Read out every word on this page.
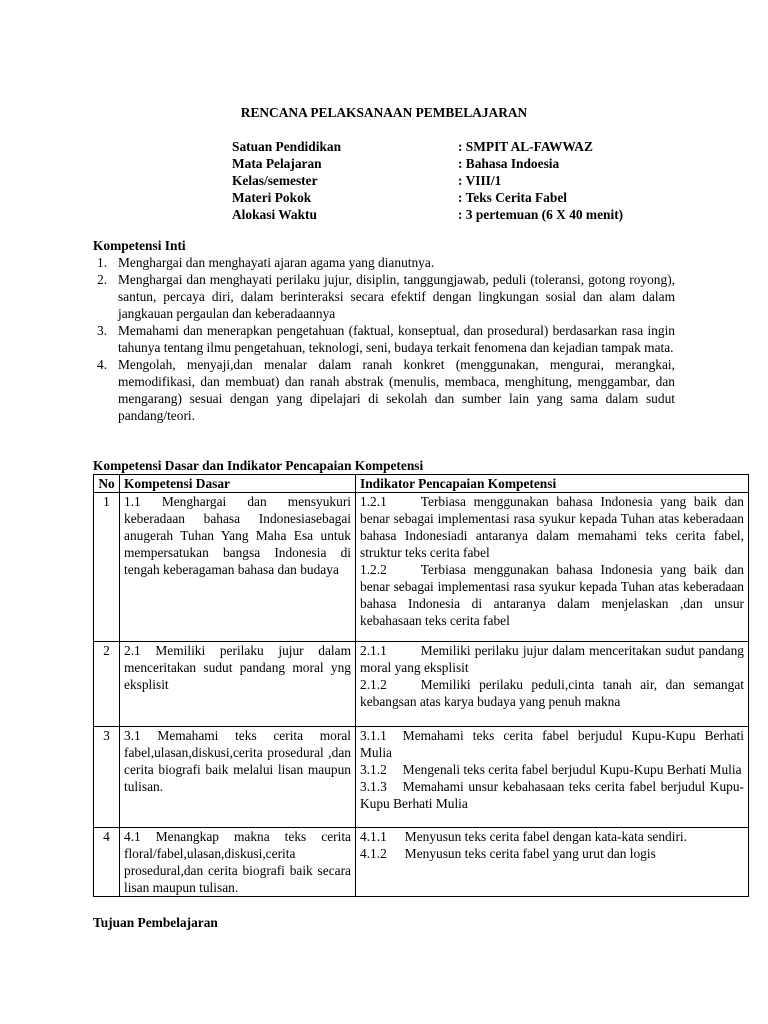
RENCANA PELAKSANAAN PEMBELAJARAN
Satuan Pendidikan	: SMPIT AL-FAWWAZ
Mata Pelajaran	: Bahasa Indoesia
Kelas/semester	: VIII/1
Materi Pokok	: Teks Cerita Fabel
Alokasi Waktu	: 3 pertemuan (6 X 40 menit)
Kompetensi Inti
1. Menghargai dan menghayati ajaran agama yang dianutnya.
2. Menghargai dan menghayati perilaku jujur, disiplin, tanggungjawab, peduli (toleransi, gotong royong), santun, percaya diri, dalam berinteraksi secara efektif dengan lingkungan sosial dan alam dalam jangkauan pergaulan dan keberadaannya
3. Memahami dan menerapkan pengetahuan (faktual, konseptual, dan prosedural) berdasarkan rasa ingin tahunya tentang ilmu pengetahuan, teknologi, seni, budaya terkait fenomena dan kejadian tampak mata.
4. Mengolah, menyaji,dan menalar dalam ranah konkret (menggunakan, mengurai, merangkai, memodifikasi, dan membuat) dan ranah abstrak (menulis, membaca, menghitung, menggambar, dan mengarang) sesuai dengan yang dipelajari di sekolah dan sumber lain yang sama dalam sudut pandang/teori.
Kompetensi Dasar dan Indikator Pencapaian Kompetensi
No	Kompetensi Dasar	Indikator Pencapaian Kompetensi
1	1.1 Menghargai dan mensyukuri keberadaan bahasa Indonesiasebagai anugerah Tuhan Yang Maha Esa untuk mempersatukan bangsa Indonesia di tengah keberagaman bahasa dan budaya	1.2.1 Terbiasa menggunakan bahasa Indonesia yang baik dan benar sebagai implementasi rasa syukur kepada Tuhan atas keberadaan bahasa Indonesiadi antaranya dalam memahami teks cerita fabel, struktur teks cerita fabel
1.2.2 Terbiasa menggunakan bahasa Indonesia yang baik dan benar sebagai implementasi rasa syukur kepada Tuhan atas keberadaan bahasa Indonesia di antaranya dalam menjelaskan ,dan unsur kebahasaan teks cerita fabel

2	2.1 Memiliki perilaku jujur dalam menceritakan sudut pandang moral yng eksplisit	2.1.1 Memiliki perilaku jujur dalam menceritakan sudut pandang moral yang eksplisit
2.1.2 Memiliki perilaku peduli,cinta tanah air, dan semangat kebangsan atas karya budaya yang penuh makna

3	3.1 Memahami teks cerita moral fabel,ulasan,diskusi,cerita prosedural ,dan cerita biografi baik melalui lisan maupun tulisan.	3.1.1 Memahami teks cerita fabel berjudul Kupu-Kupu Berhati Mulia
3.1.2 Mengenali teks cerita fabel berjudul Kupu-Kupu Berhati Mulia
3.1.3 Memahami unsur kebahasaan teks cerita fabel berjudul Kupu-Kupu Berhati Mulia

4	4.1 Menangkap makna teks cerita floral/fabel,ulasan,diskusi,cerita prosedural,dan cerita biografi baik secara lisan maupun tulisan.	4.1.1 Menyusun teks cerita fabel dengan kata-kata sendiri.
4.1.2 Menyusun teks cerita fabel yang urut dan logis
Tujuan Pembelajaran
